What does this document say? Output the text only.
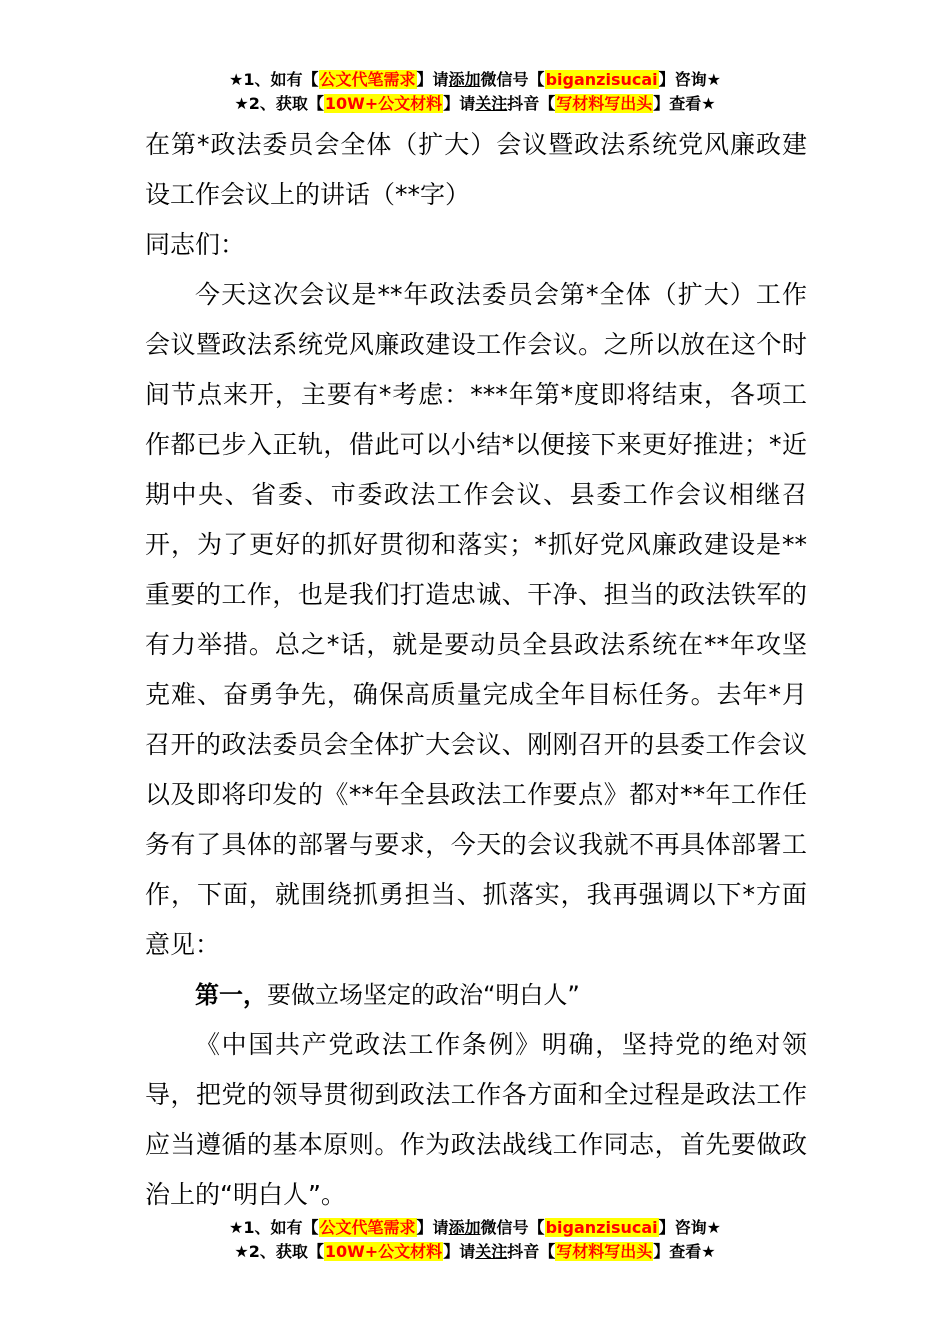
★1、如有【公文代笔需求】请添加微信号【biganzisucai】咨询★
★2、获取【10W+公文材料】请关注抖音【写材料写出头】查看★

在第*政法委员会全体（扩大）会议暨政法系统党风廉政建设工作会议上的讲话（**字）

同志们：

今天这次会议是**年政法委员会第*全体（扩大）工作会议暨政法系统党风廉政建设工作会议。之所以放在这个时间节点来开，主要有*考虑：***年第*度即将结束，各项工作都已步入正轨，借此可以小结*以便接下来更好推进；*近期中央、省委、市委政法工作会议、县委工作会议相继召开，为了更好的抓好贯彻和落实；*抓好党风廉政建设是**重要的工作，也是我们打造忠诚、干净、担当的政法铁军的有力举措。总之*话，就是要动员全县政法系统在**年攻坚克难、奋勇争先，确保高质量完成全年目标任务。去年*月召开的政法委员会全体扩大会议、刚刚召开的县委工作会议以及即将印发的《**年全县政法工作要点》都对**年工作任务有了具体的部署与要求，今天的会议我就不再具体部署工作，下面，就围绕抓勇担当、抓落实，我再强调以下*方面意见：

第一，要做立场坚定的政治“明白人”

《中国共产党政法工作条例》明确，坚持党的绝对领导，把党的领导贯彻到政法工作各方面和全过程是政法工作应当遵循的基本原则。作为政法战线工作同志，首先要做政治上的“明白人”。

★1、如有【公文代笔需求】请添加微信号【biganzisucai】咨询★
★2、获取【10W+公文材料】请关注抖音【写材料写出头】查看★
